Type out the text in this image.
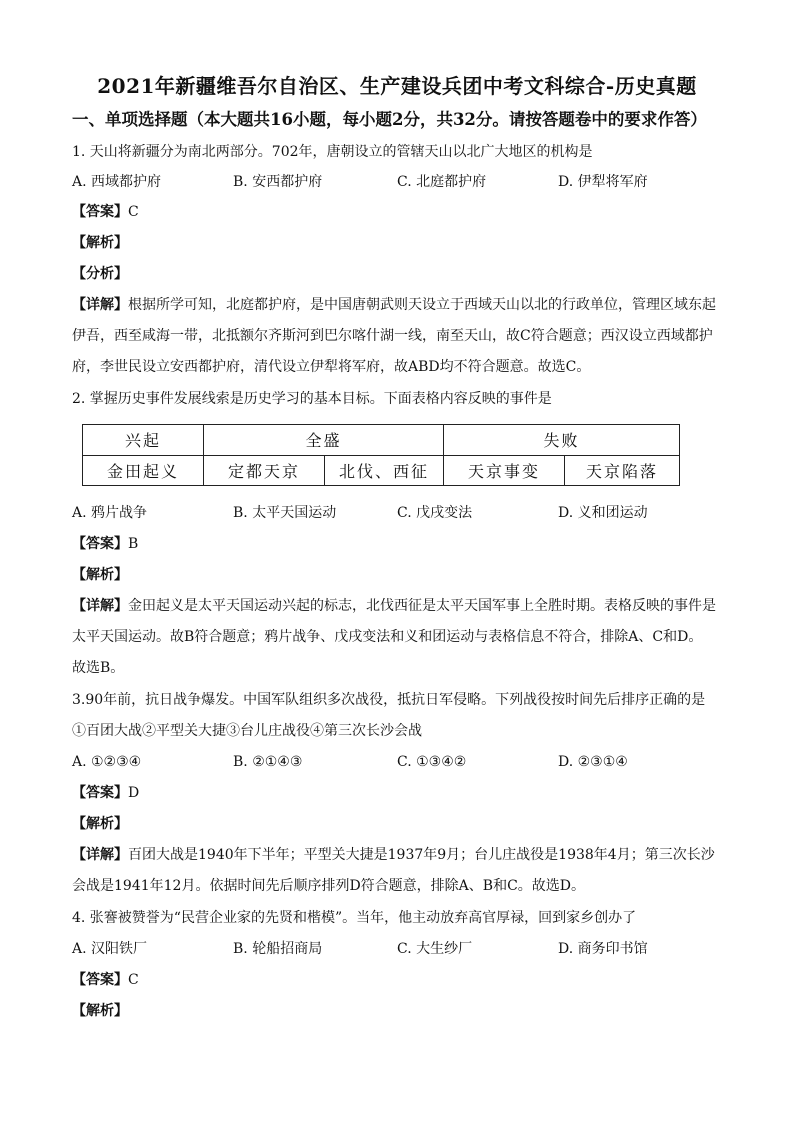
2021年新疆维吾尔自治区、生产建设兵团中考文科综合-历史真题
一、单项选择题（本大题共16小题，每小题2分，共32分。请按答题卷中的要求作答）
1. 天山将新疆分为南北两部分。702年，唐朝设立的管辖天山以北广大地区的机构是
A. 西域都护府	B. 安西都护府	C. 北庭都护府	D. 伊犁将军府
【答案】C
【解析】
【分析】
【详解】根据所学可知，北庭都护府，是中国唐朝武则天设立于西域天山以北的行政单位，管理区域东起
伊吾，西至咸海一带，北抵额尔齐斯河到巴尔喀什湖一线，南至天山，故C符合题意；西汉设立西域都护
府，李世民设立安西都护府，清代设立伊犁将军府，故ABD均不符合题意。故选C。
2. 掌握历史事件发展线索是历史学习的基本目标。下面表格内容反映的事件是
兴起	全盛		失败	
金田起义	定都天京	北伐、西征	天京事变	天京陷落
A. 鸦片战争	B. 太平天国运动	C. 戊戌变法	D. 义和团运动
【答案】B
【解析】
【详解】金田起义是太平天国运动兴起的标志，北伐西征是太平天国军事上全胜时期。表格反映的事件是
太平天国运动。故B符合题意；鸦片战争、戊戌变法和义和团运动与表格信息不符合，排除A、C和D。
故选B。
3.90年前，抗日战争爆发。中国军队组织多次战役，抵抗日军侵略。下列战役按时间先后排序正确的是
①百团大战②平型关大捷③台儿庄战役④第三次长沙会战
A. ①②③④	B. ②①④③	C. ①③④②	D. ②③①④
【答案】D
【解析】
【详解】百团大战是1940年下半年；平型关大捷是1937年9月；台儿庄战役是1938年4月；第三次长沙
会战是1941年12月。依据时间先后顺序排列D符合题意，排除A、B和C。故选D。
4. 张謇被赞誉为“民营企业家的先贤和楷模”。当年，他主动放弃高官厚禄，回到家乡创办了
A. 汉阳铁厂	B. 轮船招商局	C. 大生纱厂	D. 商务印书馆
【答案】C
【解析】
